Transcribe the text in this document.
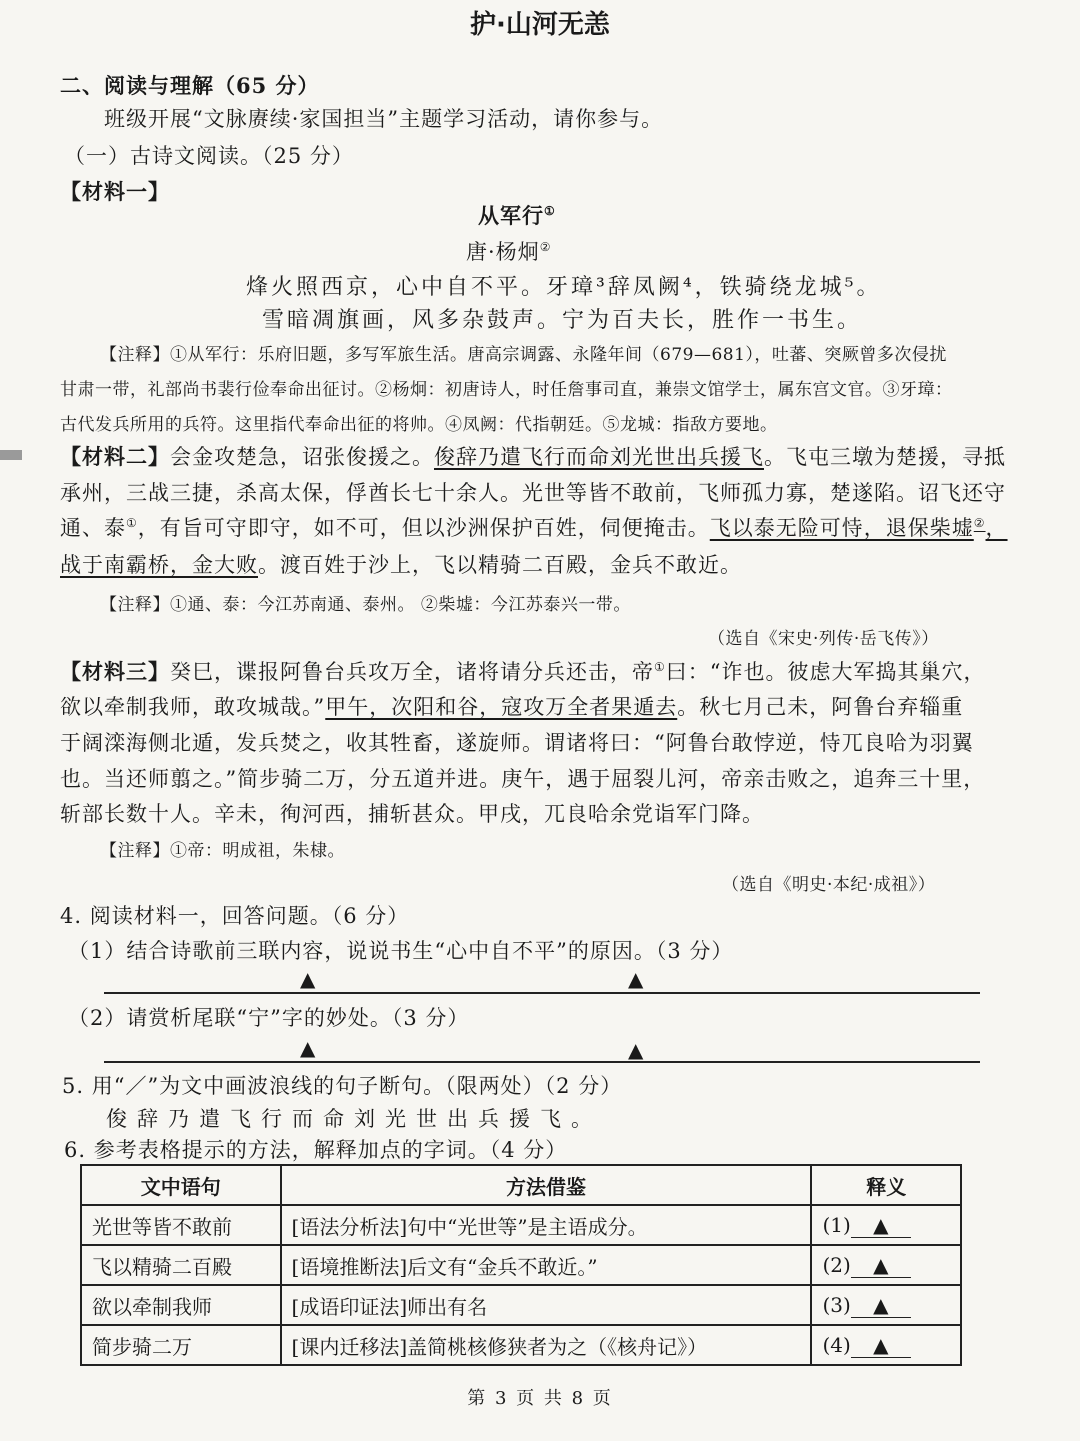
护·山河无恙
二、阅读与理解（65 分）
班级开展“文脉赓续·家国担当”主题学习活动，请你参与。
（一）古诗文阅读。（25 分）
【材料一】
从军行①
唐·杨炯②
烽火照西京，心中自不平。牙璋³辞凤阙⁴，铁骑绕龙城⁵。
雪暗凋旗画，风多杂鼓声。宁为百夫长，胜作一书生。
【注释】①从军行：乐府旧题，多写军旅生活。唐高宗调露、永隆年间（679—681），吐蕃、突厥曾多次侵扰
甘肃一带，礼部尚书裴行俭奉命出征讨。②杨炯：初唐诗人，时任詹事司直，兼崇文馆学士，属东宫文官。③牙璋：
古代发兵所用的兵符。这里指代奉命出征的将帅。④凤阙：代指朝廷。⑤龙城：指敌方要地。
【材料二】会金攻楚急，诏张俊援之。俊辞乃遣飞行而命刘光世出兵援飞。飞屯三墩为楚援，寻抵
承州，三战三捷，杀高太保，俘酋长七十余人。光世等皆不敢前，飞师孤力寡，楚遂陷。诏飞还守
通、泰①，有旨可守即守，如不可，但以沙洲保护百姓，伺便掩击。飞以泰无险可恃，退保柴墟②，
战于南霸桥，金大败。渡百姓于沙上，飞以精骑二百殿，金兵不敢近。
【注释】①通、泰：今江苏南通、泰州。 ②柴墟：今江苏泰兴一带。
（选自《宋史·列传·岳飞传》）
【材料三】癸巳，谍报阿鲁台兵攻万全，诸将请分兵还击，帝①曰：“诈也。彼虑大军捣其巢穴，
欲以牵制我师，敢攻城哉。”甲午，次阳和谷，寇攻万全者果遁去。秋七月己未，阿鲁台弃辎重
于阔滦海侧北遁，发兵焚之，收其牲畜，遂旋师。谓诸将曰：“阿鲁台敢悖逆，恃兀良哈为羽翼
也。当还师翦之。”简步骑二万，分五道并进。庚午，遇于屈裂儿河，帝亲击败之，追奔三十里，
斩部长数十人。辛未，徇河西，捕斩甚众。甲戌，兀良哈余党诣军门降。
【注释】①帝：明成祖，朱棣。
（选自《明史·本纪·成祖》）
4. 阅读材料一，回答问题。（6 分）
（1）结合诗歌前三联内容，说说书生“心中自不平”的原因。（3 分）
▲	▲
（2）请赏析尾联“宁”字的妙处。（3 分）
▲	▲
5. 用“／”为文中画波浪线的句子断句。（限两处）（2 分）
俊辞乃遣飞行而命刘光世出兵援飞。
6. 参考表格提示的方法，解释加点的字词。（4 分）
文中语句	方法借鉴	释义
光世等皆不敢前	[语法分析法]句中“光世等”是主语成分。	(1) ▲
飞以精骑二百殿	[语境推断法]后文有“金兵不敢近。”	(2) ▲
欲以牵制我师	[成语印证法]师出有名	(3) ▲
简步骑二万	[课内迁移法]盖简桃核修狭者为之（《核舟记》）	(4) ▲
第 3 页 共 8 页
